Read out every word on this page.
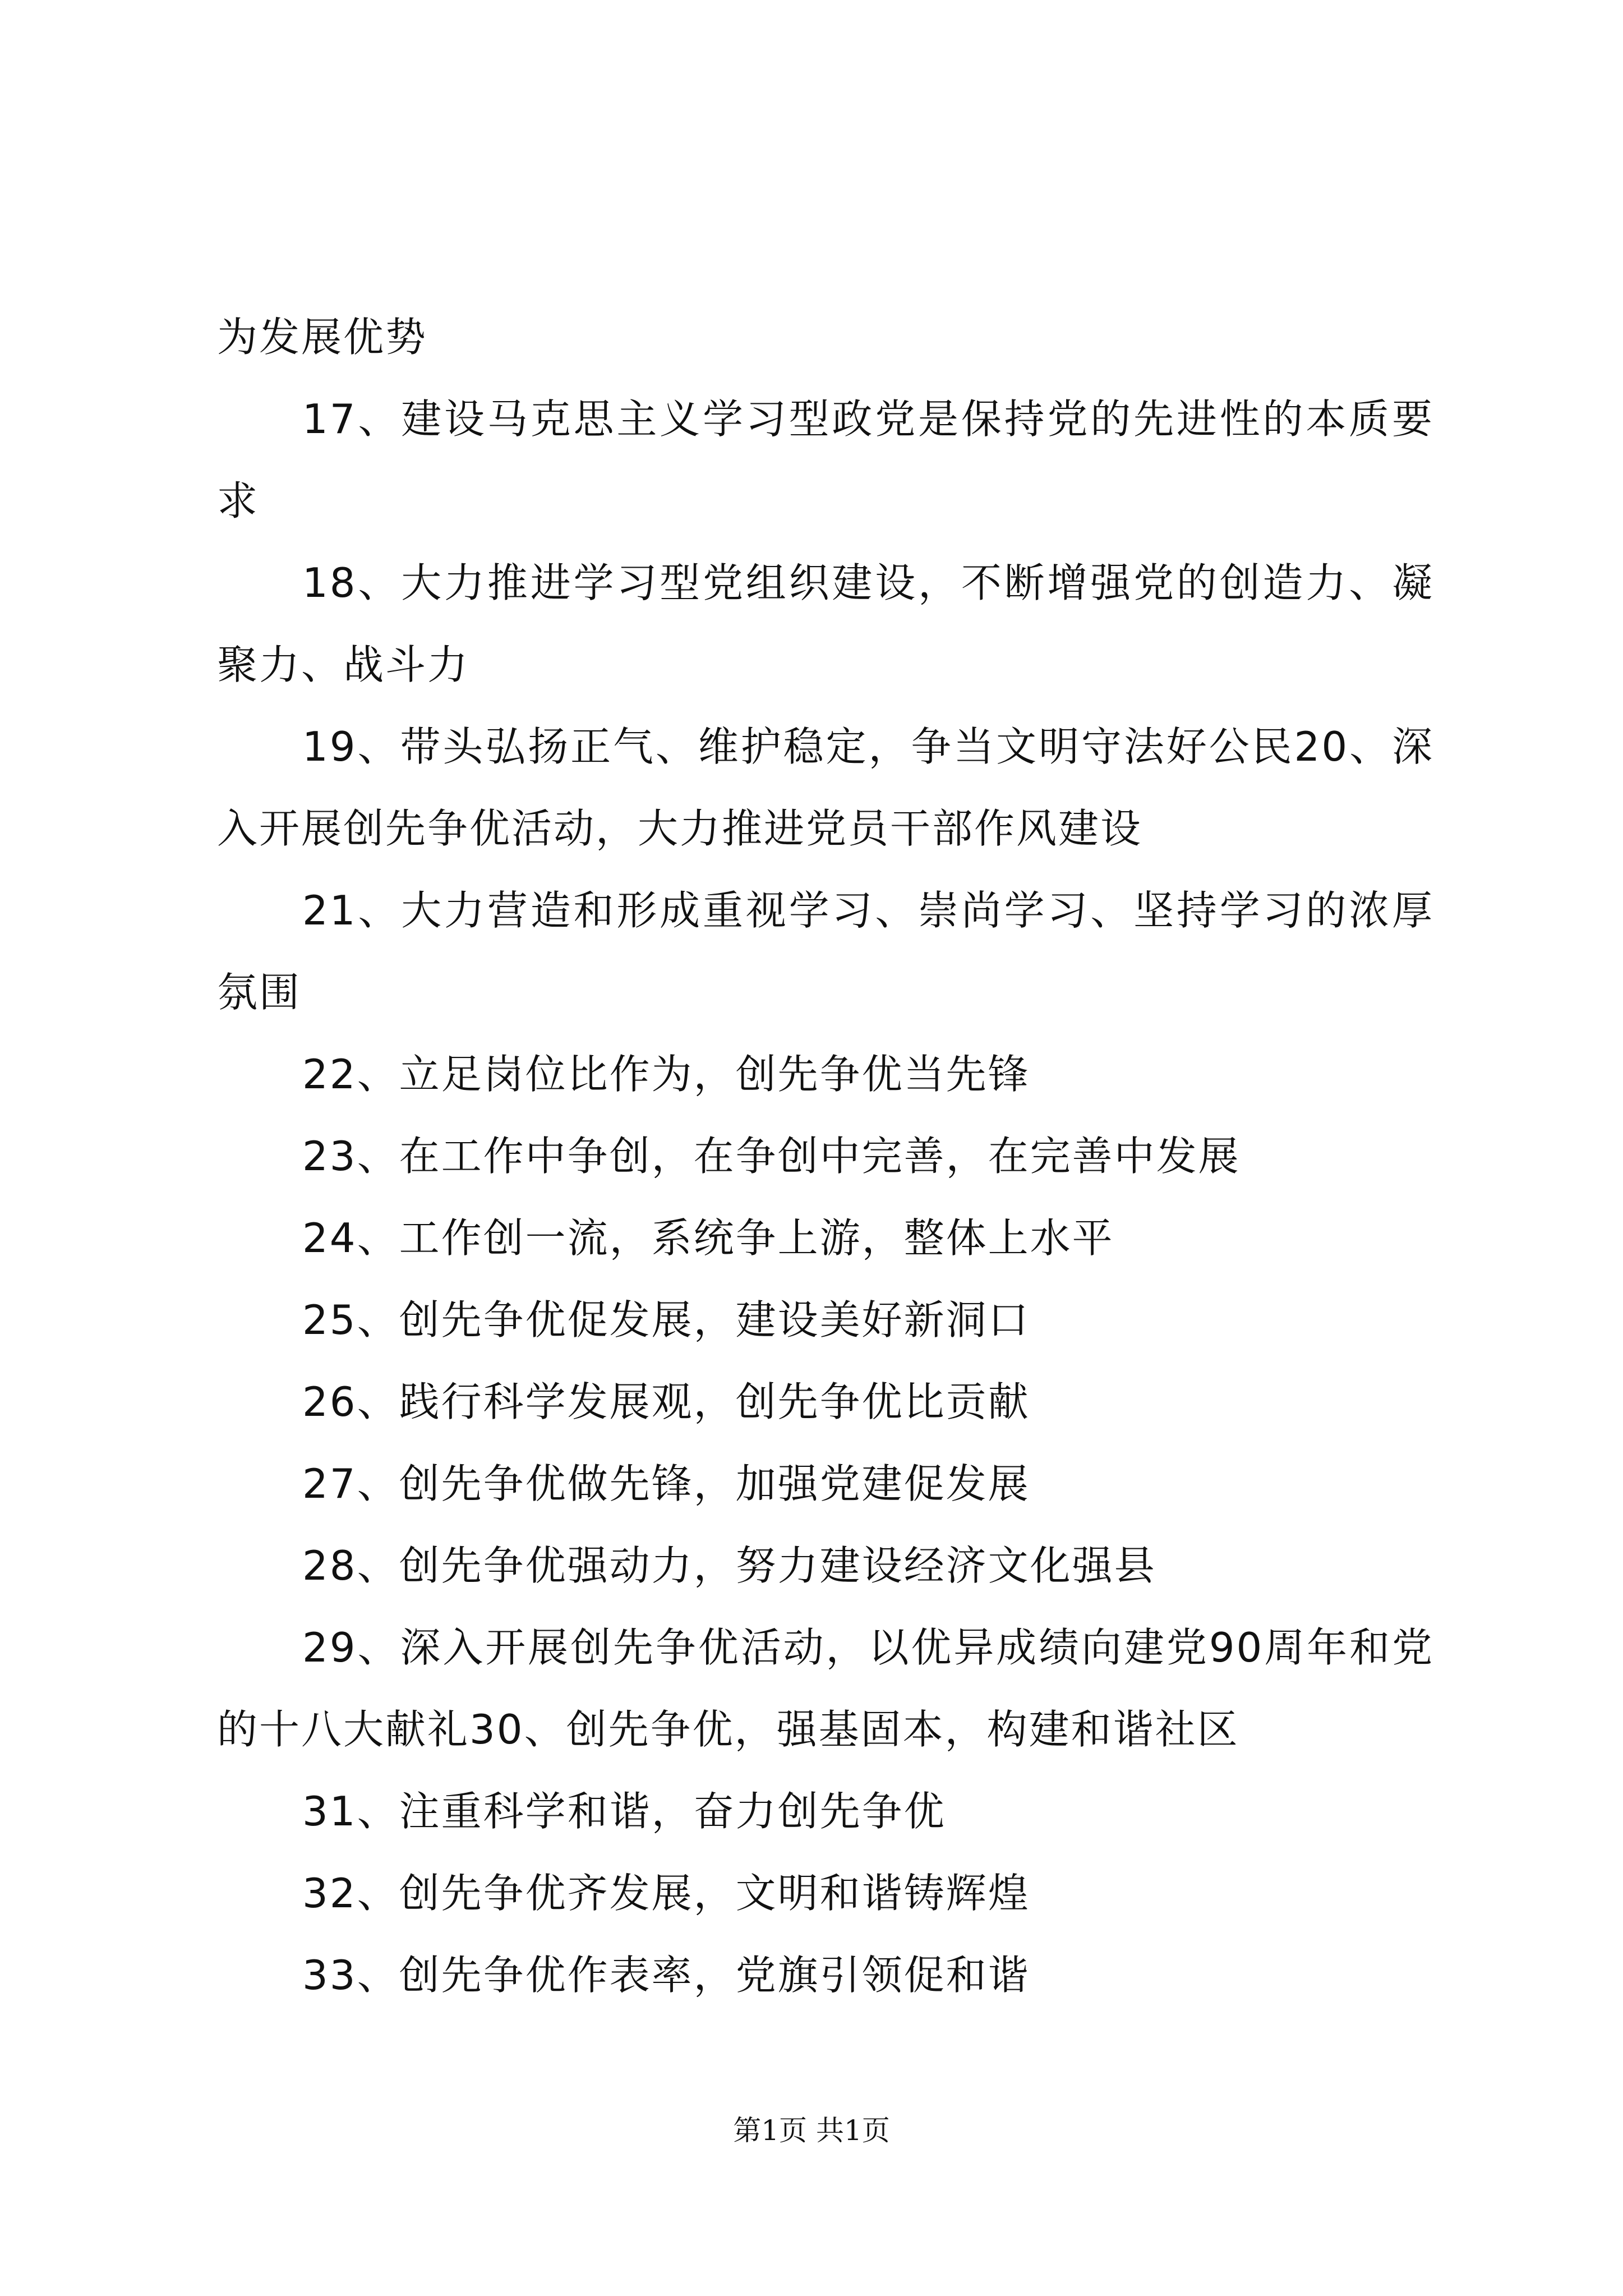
为发展优势

17、建设马克思主义学习型政党是保持党的先进性的本质要求

18、大力推进学习型党组织建设，不断增强党的创造力、凝聚力、战斗力

19、带头弘扬正气、维护稳定，争当文明守法好公民20、深入开展创先争优活动，大力推进党员干部作风建设

21、大力营造和形成重视学习、崇尚学习、坚持学习的浓厚氛围

22、立足岗位比作为，创先争优当先锋

23、在工作中争创，在争创中完善，在完善中发展

24、工作创一流，系统争上游，整体上水平

25、创先争优促发展，建设美好新洞口

26、践行科学发展观，创先争优比贡献

27、创先争优做先锋，加强党建促发展

28、创先争优强动力，努力建设经济文化强县

29、深入开展创先争优活动，以优异成绩向建党90周年和党的十八大献礼30、创先争优，强基固本，构建和谐社区

31、注重科学和谐，奋力创先争优

32、创先争优齐发展，文明和谐铸辉煌

33、创先争优作表率，党旗引领促和谐

第1页 共1页
